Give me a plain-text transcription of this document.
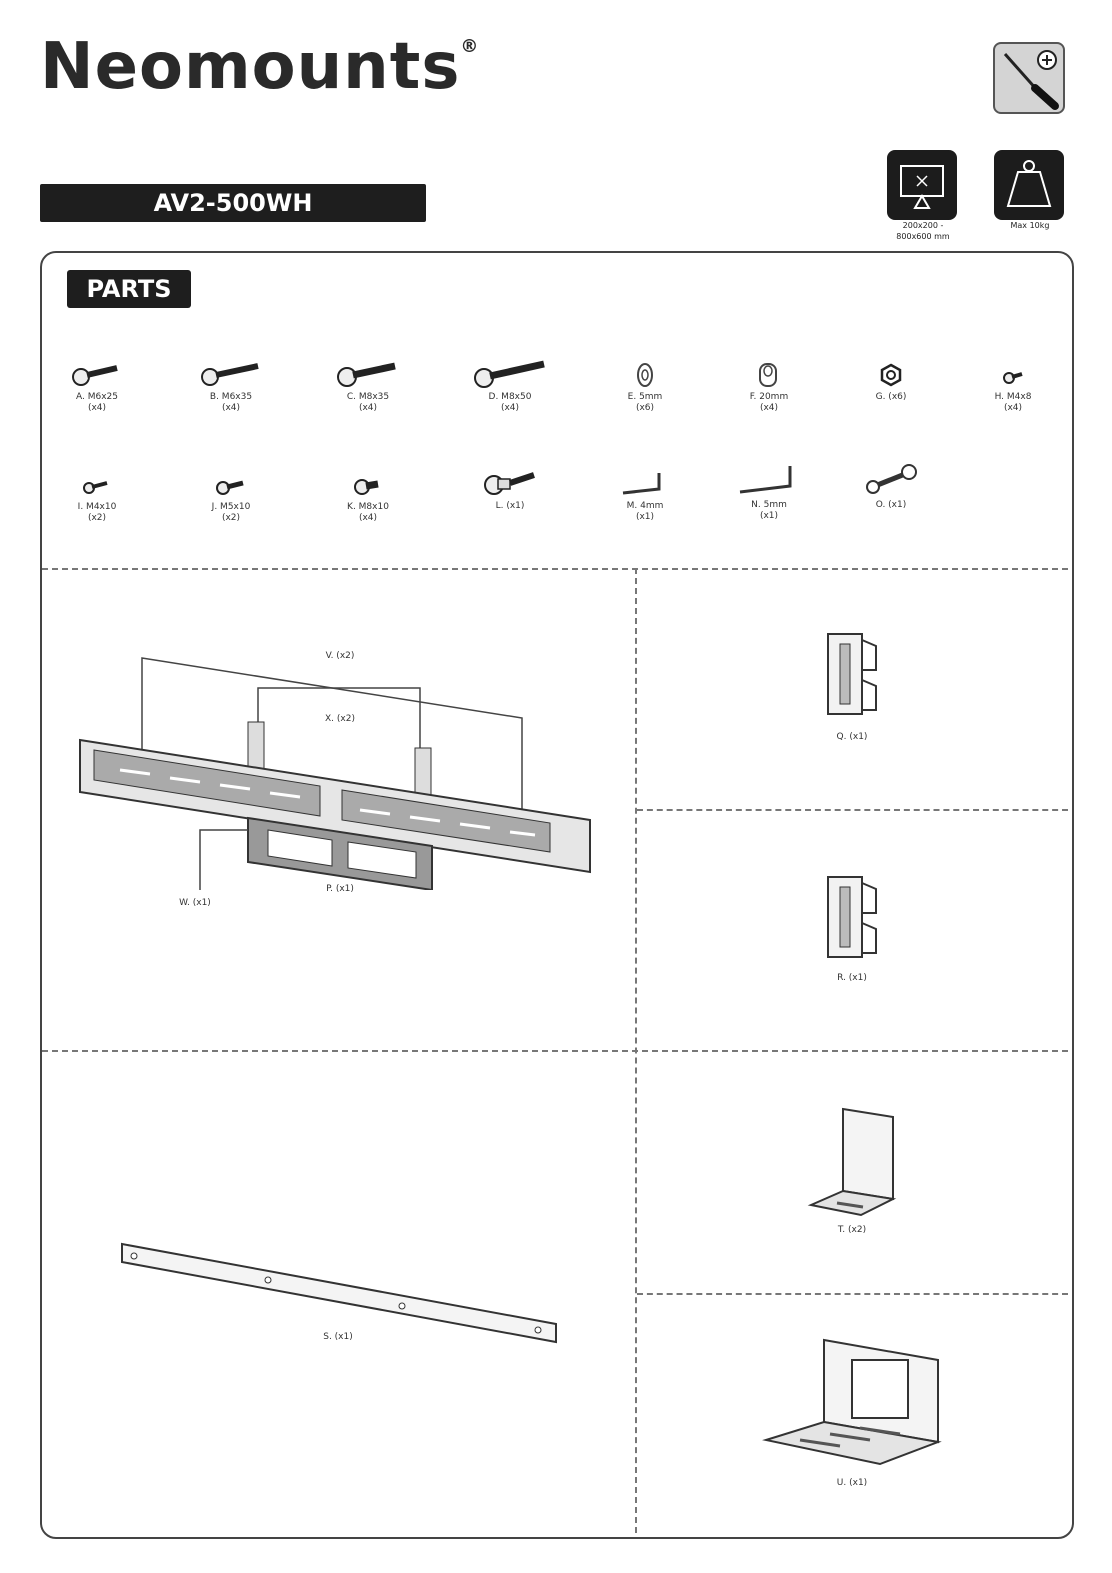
Neomounts®
AV2-500WH
200x200 -
800x600 mm
Max 10kg
PARTS
A. M6x25
(x4)
B. M6x35
(x4)
C. M8x35
(x4)
D. M8x50
(x4)
E. 5mm
(x6)
F. 20mm
(x4)
G. (x6)	H. M4x8
(x4)
I. M4x10
(x2)
J. M5x10
(x2)
K. M8x10
(x4)
L. (x1)	M. 4mm
(x1)
N. 5mm
(x1)
O. (x1)
V. (x2)
X. (x2)
W. (x1)
P. (x1)
Q. (x1)
R. (x1)
S. (x1)
T. (x2)
U. (x1)
